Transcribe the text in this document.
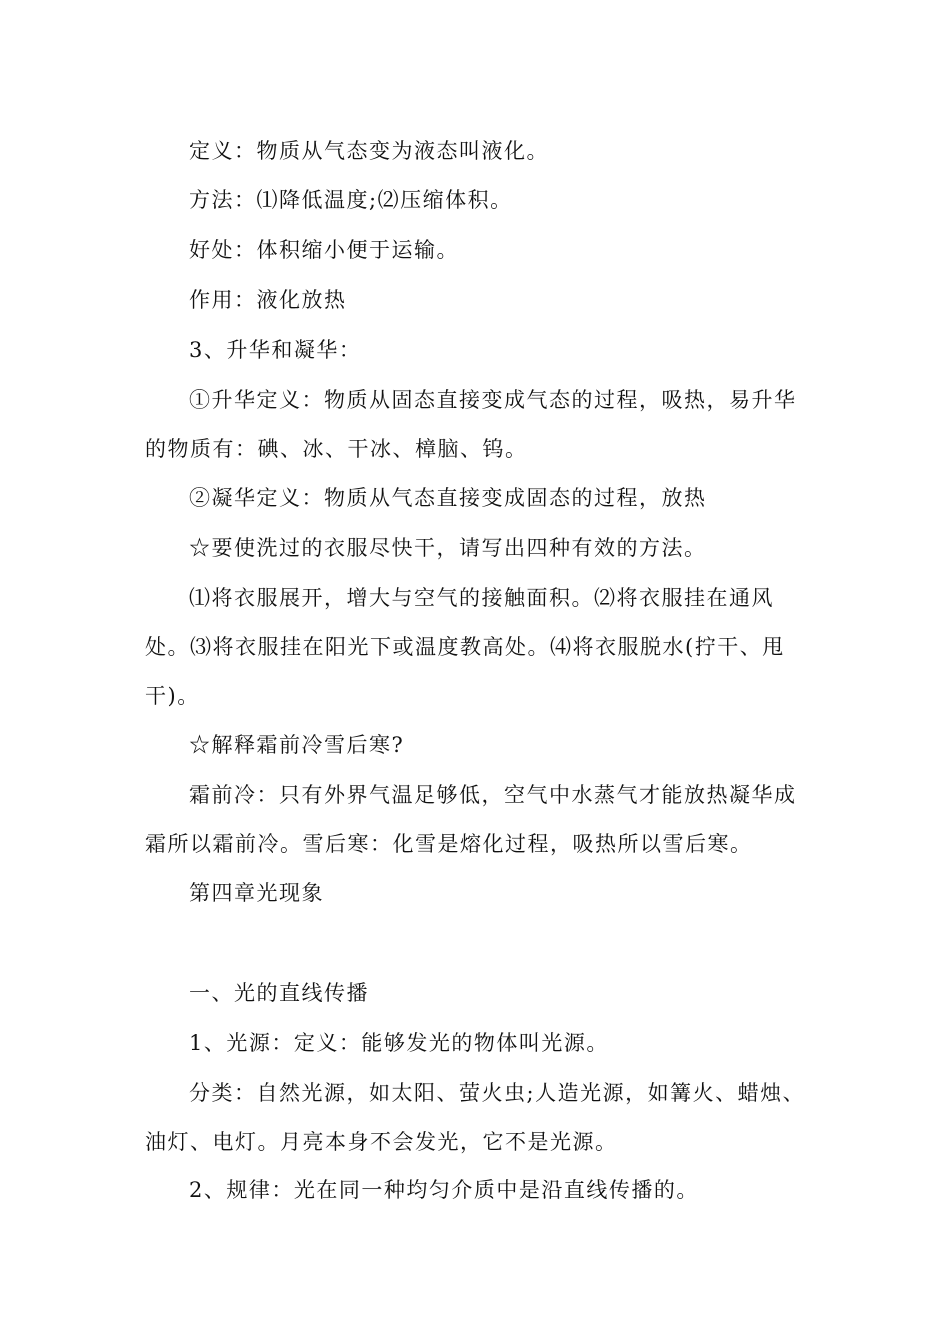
定义：物质从气态变为液态叫液化。

方法：⑴降低温度;⑵压缩体积。

好处：体积缩小便于运输。

作用：液化放热

3、升华和凝华：

①升华定义：物质从固态直接变成气态的过程，吸热，易升华的物质有：碘、冰、干冰、樟脑、钨。

②凝华定义：物质从气态直接变成固态的过程，放热

☆要使洗过的衣服尽快干，请写出四种有效的方法。

⑴将衣服展开，增大与空气的接触面积。⑵将衣服挂在通风处。⑶将衣服挂在阳光下或温度教高处。⑷将衣服脱水(拧干、甩干)。

☆解释霜前冷雪后寒?

霜前冷：只有外界气温足够低，空气中水蒸气才能放热凝华成霜所以霜前冷。雪后寒：化雪是熔化过程，吸热所以雪后寒。

第四章光现象

一、光的直线传播

1、光源：定义：能够发光的物体叫光源。

分类：自然光源，如太阳、萤火虫;人造光源，如篝火、蜡烛、油灯、电灯。月亮本身不会发光，它不是光源。

2、规律：光在同一种均匀介质中是沿直线传播的。
